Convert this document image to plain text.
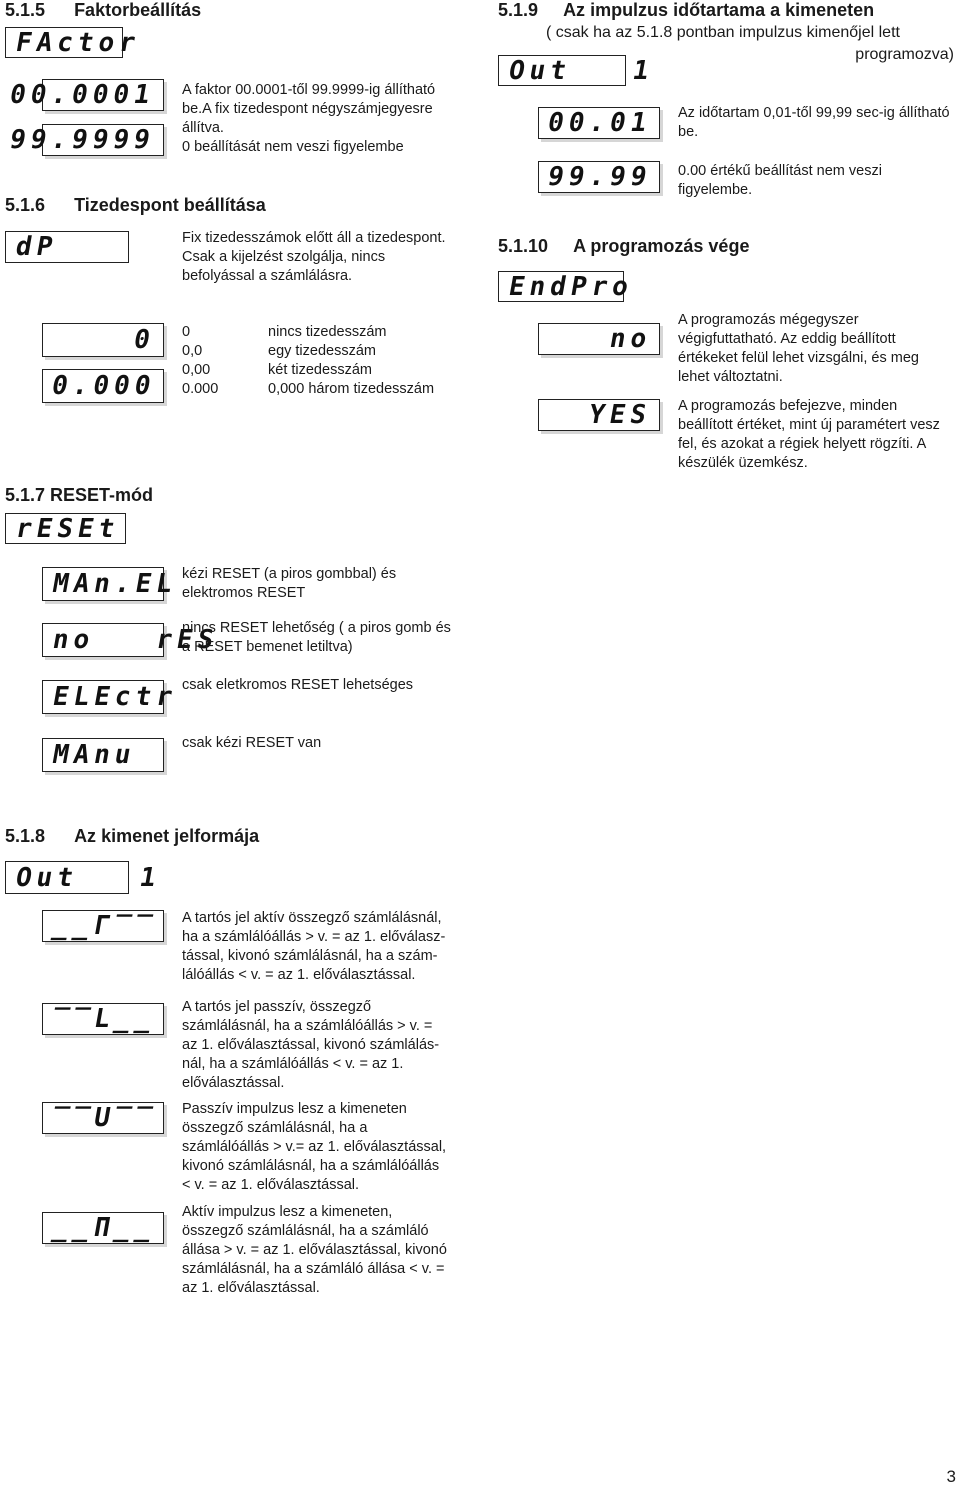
5.1.5 Faktorbeállítás
FActor
00.0001
99.9999

A faktor 00.0001-től 99.9999-ig állítható

be.A fix tizedespont négyszámjegyesre

állítva.

0 beállítását nem veszi figyelembe

5.1.6 Tizedespont beállítása
dP	Fix tizedesszámok előtt áll a tizedespont.

Csak a kijelzést szolgálja, nincs

befolyással a számlálásra.

0
0.000
0	nincs tizedesszám
0,0	egy tizedesszám
0,00	két tizedesszám
0.000	0,000 három tizedesszám
5.1.7 RESET-mód
rESEt
MAn.EL kézi RESET (a piros gombbal) és

elektromos RESET

no   rES

nincs RESET lehetőség ( a piros gomb és

a RESET bemenet letiltva)

ELEctr csak eletkromos RESET lehetséges

MAnu	csak kézi RESET van

5.1.8 Az kimenet jelformája
Out   1
__Γ‾‾ A tartós jel aktív összegző számlálásnál,

ha a számlálóállás > v. = az 1. előválasz-

tással, kivonó számlálásnál, ha a szám-

lálóállás < v. = az 1. előválasztással.

‾‾L__ A tartós jel passzív, összegző

számlálásnál, ha a számlálóállás > v. =

az 1. előválasztással, kivonó számlálás-

nál, ha a számlálóállás < v. = az 1.

előválasztással.

‾‾U‾‾ Passzív impulzus lesz a kimeneten

összegző számlálásnál, ha a

számlálóállás > v.= az 1. előválasztással,

kivonó számlálásnál, ha a számlálóállás

< v. = az 1. előválasztással.

__Π__

Aktív impulzus lesz a kimeneten,

összegző számlálásnál, ha a számláló

állása > v. = az 1. előválasztással, kivonó

számlálásnál, ha a számláló állása < v. =

az 1. előválasztással.

5.1.9 Az impulzus időtartama a kimeneten
( csak ha az 5.1.8 pontban impulzus kimenőjel lett
programozva)
Out   1
00.01
99.99

Az időtartam 0,01-től 99,99 sec-ig állítható

be.

0.00 értékű beállítást nem veszi

figyelembe.

5.1.10 A programozás vége
EndPro
no
YES

A programozás mégegyszer

végigfuttatható. Az eddig beállított

értékeket felül lehet vizsgálni, és meg

lehet változtatni.

A programozás befejezve, minden

beállított értéket, mint új paramétert vesz

fel, és azokat a régiek helyett rögzíti. A

készülék üzemkész.

3
